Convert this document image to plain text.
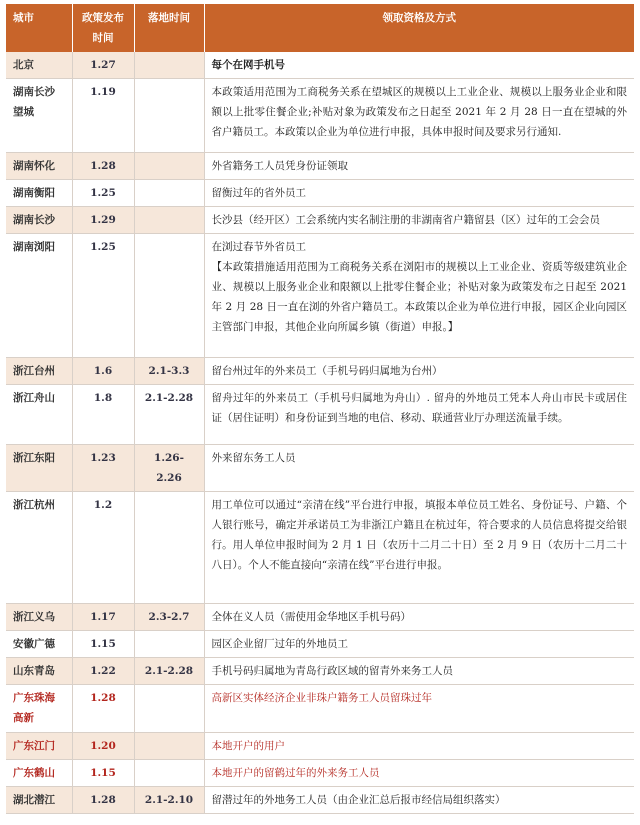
城市	政策发布时间	落地时间	领取资格及方式
北京	1.27		每个在网手机号
湖南长沙望城	1.19		本政策适用范围为工商税务关系在望城区的规模以上工业企业、规模以上服务业企业和限额以上批零住餐企业;补贴对象为政策发布之日起至 2021 年 2 月 28 日一直在望城的外省户籍员工。本政策以企业为单位进行申报，具体申报时间及要求另行通知.
湖南怀化	1.28		外省籍务工人员凭身份证领取
湖南衡阳	1.25		留衡过年的省外员工
湖南长沙	1.29		长沙县（经开区）工会系统内实名制注册的非湖南省户籍留县（区）过年的工会会员
湖南浏阳	1.25		在浏过春节外省员工
【本政策措施适用范围为工商税务关系在浏阳市的规模以上工业企业、资质等级建筑业企业、规模以上服务业企业和限额以上批零住餐企业；补贴对象为政策发布之日起至 2021 年 2 月 28 日一直在浏的外省户籍员工。本政策以企业为单位进行申报，园区企业向园区主管部门申报，其他企业向所属乡镇（街道）申报。】

浙江台州	1.6	2.1-3.3	留台州过年的外来员工（手机号码归属地为台州）
浙江舟山	1.8	2.1-2.28	留舟过年的外来员工（手机号归属地为舟山）. 留舟的外地员工凭本人舟山市民卡或居住证（居住证明）和身份证到当地的电信、移动、联通营业厅办理送流量手续。
浙江东阳	1.23	1.26-2.26	外来留东务工人员
浙江杭州	1.2		用工单位可以通过“亲清在线”平台进行申报，填报本单位员工姓名、身份证号、户籍、个人银行账号，确定并承诺员工为非浙江户籍且在杭过年，符合要求的人员信息将提交给银行。用人单位申报时间为 2 月 1 日（农历十二月二十日）至 2 月 9 日（农历十二月二十八日）。个人不能直接向“亲清在线”平台进行申报。
浙江义乌	1.17	2.3-2.7	全体在义人员（需使用金华地区手机号码）
安徽广德	1.15		园区企业留厂过年的外地员工
山东青岛	1.22	2.1-2.28	手机号码归属地为青岛行政区域的留青外来务工人员
广东珠海高新	1.28		高新区实体经济企业非珠户籍务工人员留珠过年
广东江门	1.20		本地开户的用户
广东鹤山	1.15		本地开户的留鹤过年的外来务工人员
湖北潜江	1.28	2.1-2.10	留潜过年的外地务工人员（由企业汇总后报市经信局组织落实）
